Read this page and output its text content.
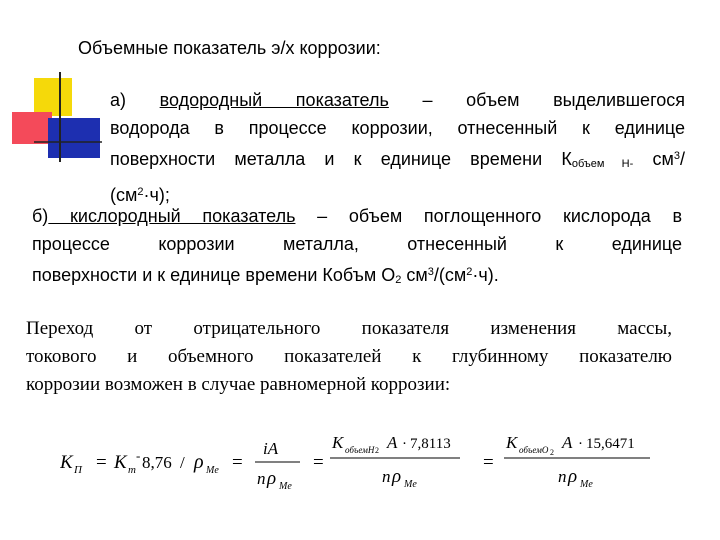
Объемные показатель э/х коррозии:
а) водородный показатель – объем выделившегося
водорода в процессе коррозии, отнесенный к единице
поверхности металла и к единице времени Кобъем Н- $см^3/$
$(см^2\cdot ч)$;
б) кислородный показатель – объем поглощенного кислорода в
процессе коррозии металла, отнесенный к единице
поверхности и к единице времени Кобъм О2 $см^3/(см^2\cdot ч)$.
Переход от отрицательного показателя изменения массы,
токового и объемного показателей к глубинному показателю
коррозии возможен в случае равномерной коррозии:
K П = K m
- 8,76 / ρ Me =
iA
n ρ Me
=
K объемН 2 A · 7,8113
n ρ Me
=
K объемО 2
A · 15,6471
n ρ Me
